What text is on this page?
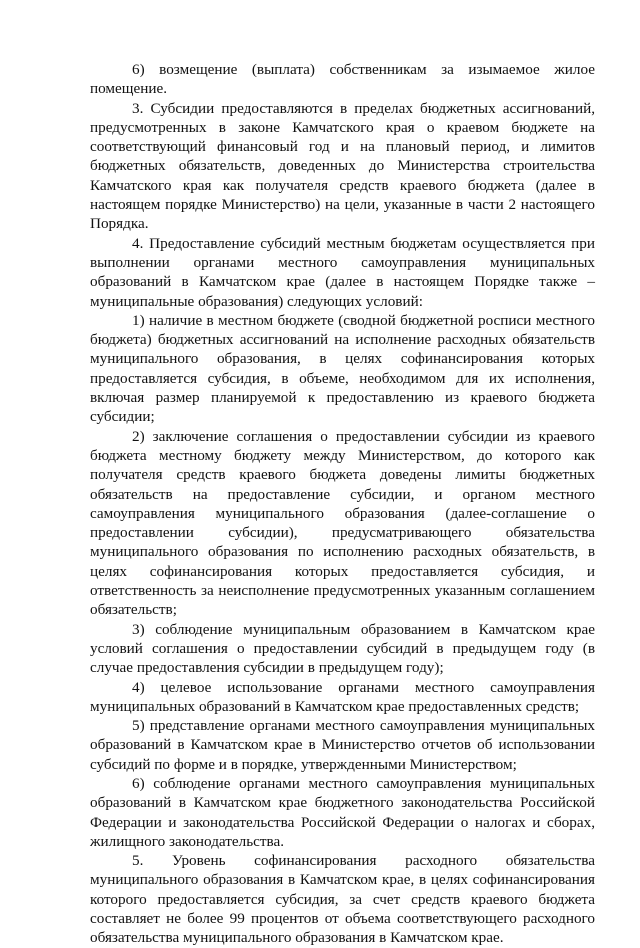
6) возмещение (выплата) собственникам за изымаемое жилое помещение.

3. Субсидии предоставляются в пределах бюджетных ассигнований, предусмотренных в законе Камчатского края о краевом бюджете на соответствующий финансовый год и на плановый период, и лимитов бюджетных обязательств, доведенных до Министерства строительства Камчатского края как получателя средств краевого бюджета (далее в настоящем порядке Министерство) на цели, указанные в части 2 настоящего Порядка.

4. Предоставление субсидий местным бюджетам осуществляется при выполнении органами местного самоуправления муниципальных образований в Камчатском крае (далее в настоящем Порядке также – муниципальные образования) следующих условий:

1) наличие в местном бюджете (сводной бюджетной росписи местного бюджета) бюджетных ассигнований на исполнение расходных обязательств муниципального образования, в целях софинансирования которых предоставляется субсидия, в объеме, необходимом для их исполнения, включая размер планируемой к предоставлению из краевого бюджета субсидии;

2) заключение соглашения о предоставлении субсидии из краевого бюджета местному бюджету между Министерством, до которого как получателя средств краевого бюджета доведены лимиты бюджетных обязательств на предоставление субсидии, и органом местного самоуправления муниципального образования (далее-соглашение о предоставлении субсидии), предусматривающего обязательства муниципального образования по исполнению расходных обязательств, в целях софинансирования которых предоставляется субсидия, и ответственность за неисполнение предусмотренных указанным соглашением обязательств;

3) соблюдение муниципальным образованием в Камчатском крае условий соглашения о предоставлении субсидий в предыдущем году (в случае предоставления субсидии в предыдущем году);

4) целевое использование органами местного самоуправления муниципальных образований в Камчатском крае предоставленных средств;

5) представление органами местного самоуправления муниципальных образований в Камчатском крае в Министерство отчетов об использовании субсидий по форме и в порядке, утвержденными Министерством;

6) соблюдение органами местного самоуправления муниципальных образований в Камчатском крае бюджетного законодательства Российской Федерации и законодательства Российской Федерации о налогах и сборах, жилищного законодательства.

5. Уровень софинансирования расходного обязательства муниципального образования в Камчатском крае, в целях софинансирования которого предоставляется субсидия, за счет средств краевого бюджета составляет не более 99 процентов от объема соответствующего расходного обязательства муниципального образования в Камчатском крае.
